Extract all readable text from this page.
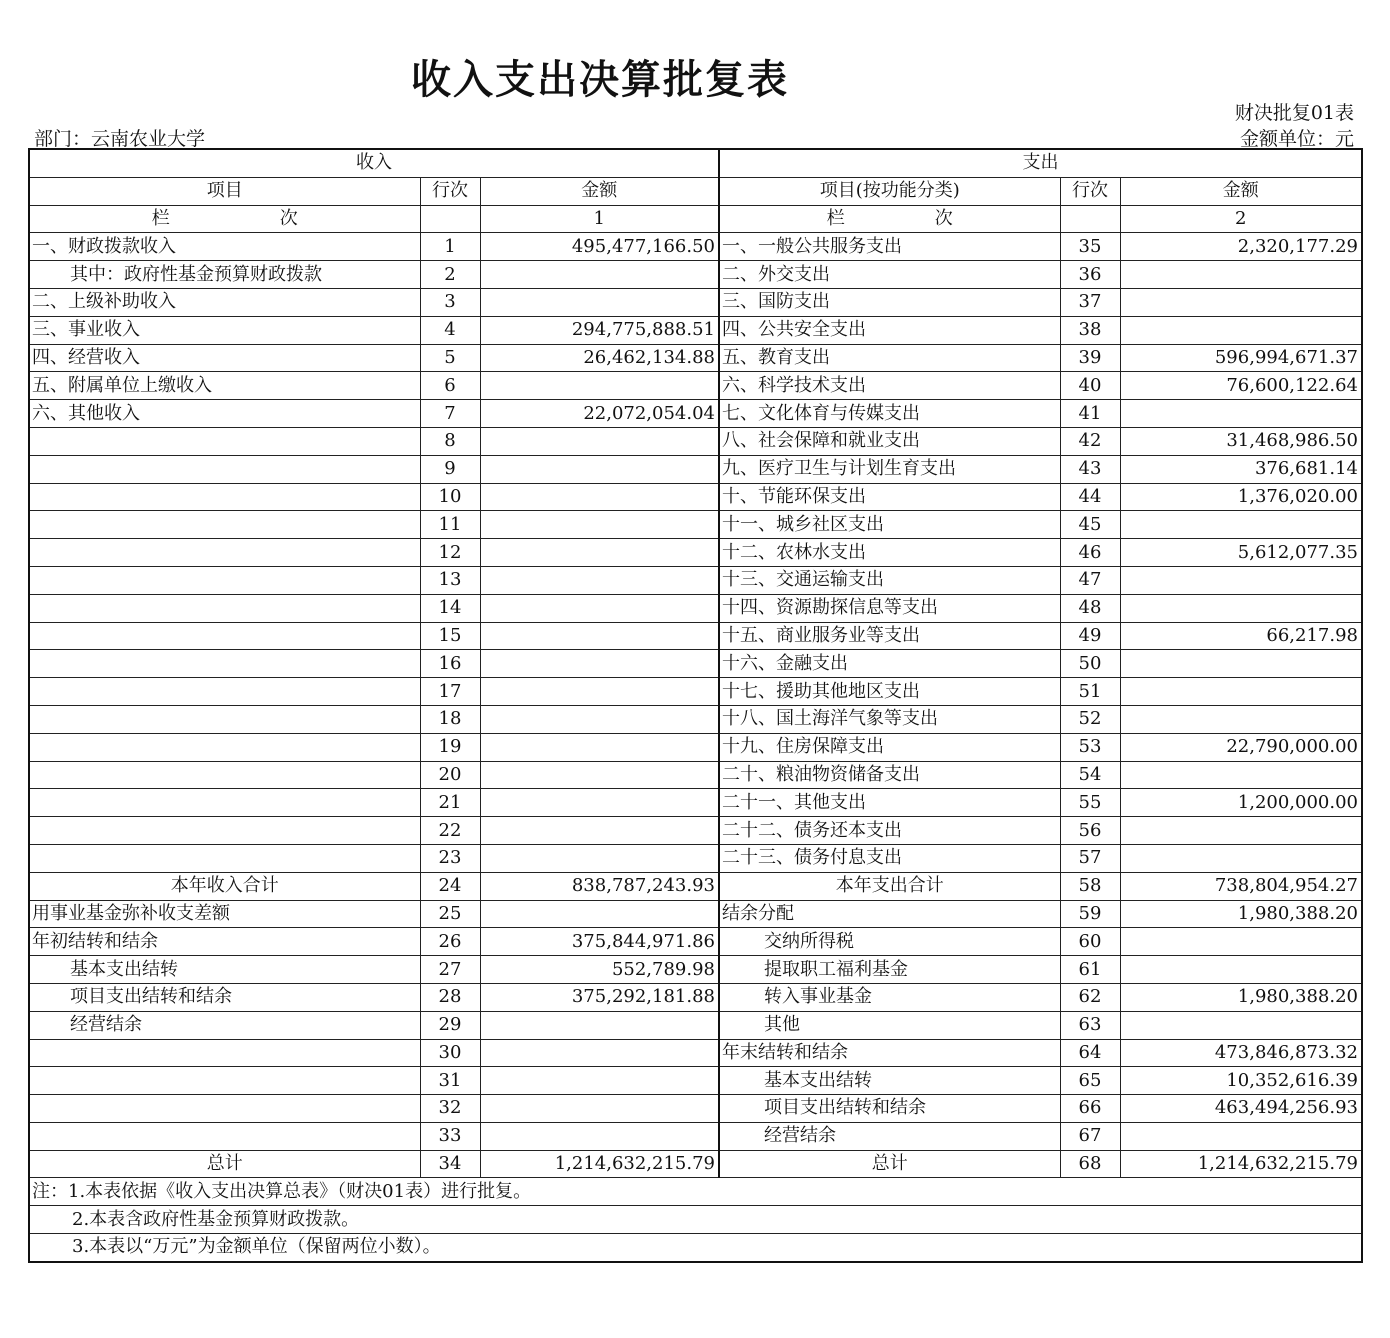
收入支出决算批复表
财决批复01表
金额单位：元
部门：云南农业大学
收入			支出		
项目	行次	金额	项目(按功能分类)	行次	金额
栏 次		1	栏 次		2
一、财政拨款收入	1	495,477,166.50	一、一般公共服务支出	35	2,320,177.29
其中：政府性基金预算财政拨款	2		二、外交支出	36	
二、上级补助收入	3		三、国防支出	37	
三、事业收入	4	294,775,888.51	四、公共安全支出	38	
四、经营收入	5	26,462,134.88	五、教育支出	39	596,994,671.37
五、附属单位上缴收入	6		六、科学技术支出	40	76,600,122.64
六、其他收入	7	22,072,054.04	七、文化体育与传媒支出	41	
	8		八、社会保障和就业支出	42	31,468,986.50
	9		九、医疗卫生与计划生育支出	43	376,681.14
	10		十、节能环保支出	44	1,376,020.00
	11		十一、城乡社区支出	45	
	12		十二、农林水支出	46	5,612,077.35
	13		十三、交通运输支出	47	
	14		十四、资源勘探信息等支出	48	
	15		十五、商业服务业等支出	49	66,217.98
	16		十六、金融支出	50	
	17		十七、援助其他地区支出	51	
	18		十八、国土海洋气象等支出	52	
	19		十九、住房保障支出	53	22,790,000.00
	20		二十、粮油物资储备支出	54	
	21		二十一、其他支出	55	1,200,000.00
	22		二十二、债务还本支出	56	
	23		二十三、债务付息支出	57	
本年收入合计	24	838,787,243.93	本年支出合计	58	738,804,954.27
用事业基金弥补收支差额	25		结余分配	59	1,980,388.20
年初结转和结余	26	375,844,971.86	交纳所得税	60	
基本支出结转	27	552,789.98	提取职工福利基金	61	
项目支出结转和结余	28	375,292,181.88	转入事业基金	62	1,980,388.20
经营结余	29		其他	63	
	30		年末结转和结余	64	473,846,873.32
	31		基本支出结转	65	10,352,616.39
	32		项目支出结转和结余	66	463,494,256.93
	33		经营结余	67	
总计	34	1,214,632,215.79	总计	68	1,214,632,215.79
注：1.本表依据《收入支出决算总表》（财决01表）进行批复。					
2.本表含政府性基金预算财政拨款。					
3.本表以“万元”为金额单位（保留两位小数）。					
